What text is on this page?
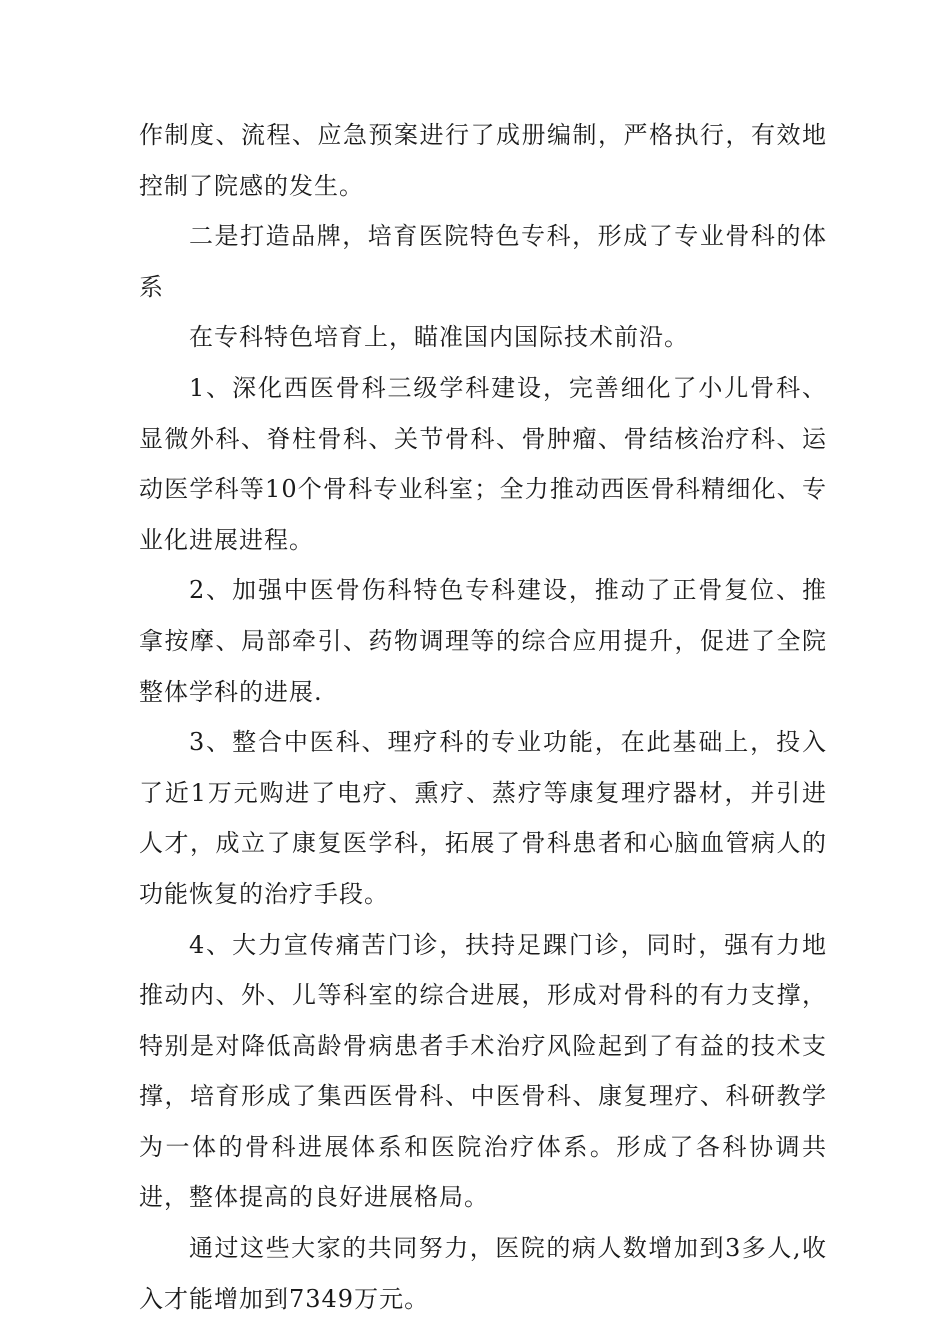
作制度、流程、应急预案进行了成册编制，严格执行，有效地控制了院感的发生。

二是打造品牌，培育医院特色专科，形成了专业骨科的体系

在专科特色培育上，瞄准国内国际技术前沿。

1、深化西医骨科三级学科建设，完善细化了小儿骨科、显微外科、脊柱骨科、关节骨科、骨肿瘤、骨结核治疗科、运动医学科等10个骨科专业科室；全力推动西医骨科精细化、专业化进展进程。

2、加强中医骨伤科特色专科建设，推动了正骨复位、推拿按摩、局部牵引、药物调理等的综合应用提升，促进了全院整体学科的进展.

3、整合中医科、理疗科的专业功能，在此基础上，投入了近1万元购进了电疗、熏疗、蒸疗等康复理疗器材，并引进人才，成立了康复医学科，拓展了骨科患者和心脑血管病人的功能恢复的治疗手段。

4、大力宣传痛苦门诊，扶持足踝门诊，同时，强有力地推动内、外、儿等科室的综合进展，形成对骨科的有力支撑，特别是对降低高龄骨病患者手术治疗风险起到了有益的技术支撑，培育形成了集西医骨科、中医骨科、康复理疗、科研教学为一体的骨科进展体系和医院治疗体系。形成了各科协调共进，整体提高的良好进展格局。

通过这些大家的共同努力，医院的病人数增加到3多人,收入才能增加到7349万元。
